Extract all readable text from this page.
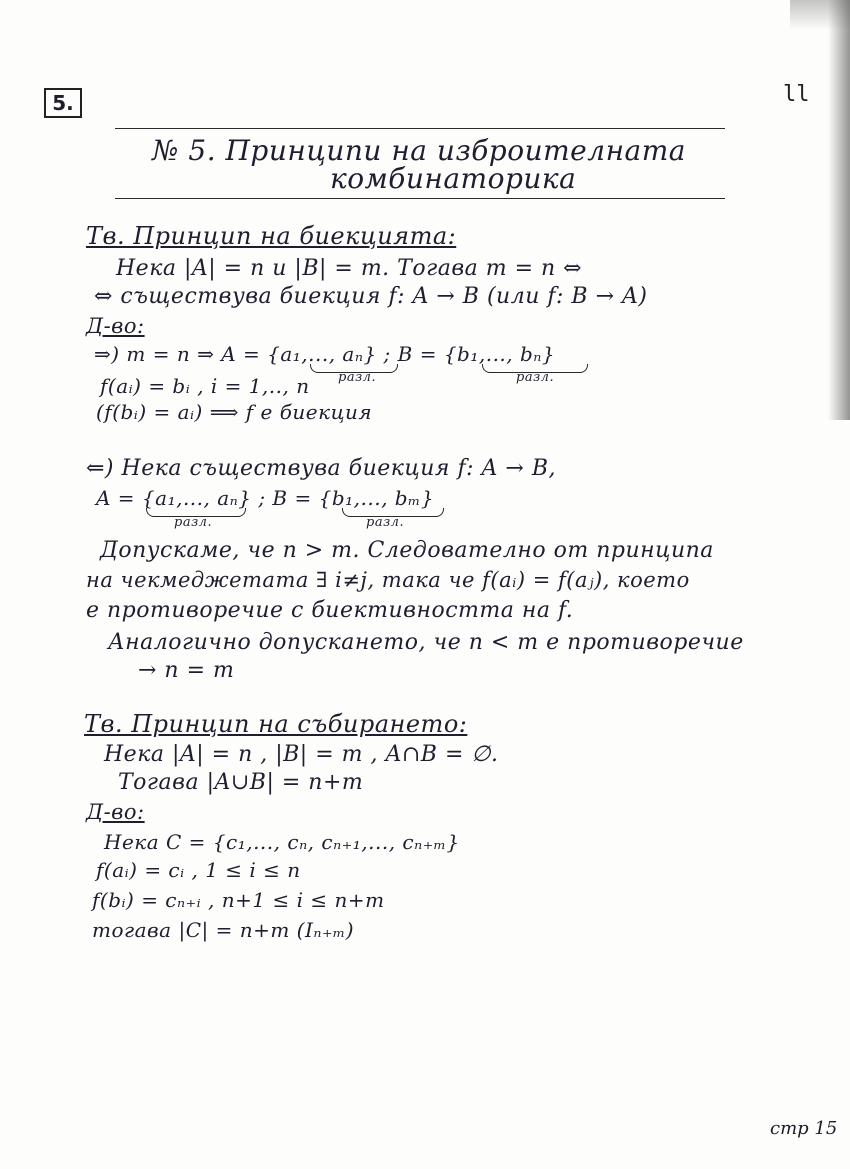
5.	ll
№ 5. Принципи на изброителната
комбинаторика
Тв. Принцип на биекцията:
Нека |A| = n и |B| = m. Тогава m = n ⇔
⇔ съществува биекция f: A → B (или f: B → A)
Д-во:
⇒) m = n ⇒ A = {a₁,..., aₙ} ; B = {b₁,..., bₙ}
разл.	разл.
f(aᵢ) = bᵢ , i = 1,.., n
(f(bᵢ) = aᵢ) ⟹ f е биекция
⇐) Нека съществува биекция f: A → B,
A = {a₁,..., aₙ} ; B = {b₁,..., bₘ}
разл.	разл.
Допускаме, че n > m. Следователно от принципа
на чекмеджетата ∃ i≠j, така че f(aᵢ) = f(aⱼ), което
е противоречие с биективността на f.
Аналогично допускането, че n < m е противоречие
→ n = m
Тв. Принцип на събирането:
Нека |A| = n , |B| = m , A∩B = ∅.
Тогава |A∪B| = n+m
Д-во:
Нека C = {c₁,..., cₙ, cₙ₊₁,..., cₙ₊ₘ}
f(aᵢ) = cᵢ , 1 ≤ i ≤ n
f(bᵢ) = cₙ₊ᵢ , n+1 ≤ i ≤ n+m
тогава |C| = n+m (Iₙ₊ₘ)
стр 15
